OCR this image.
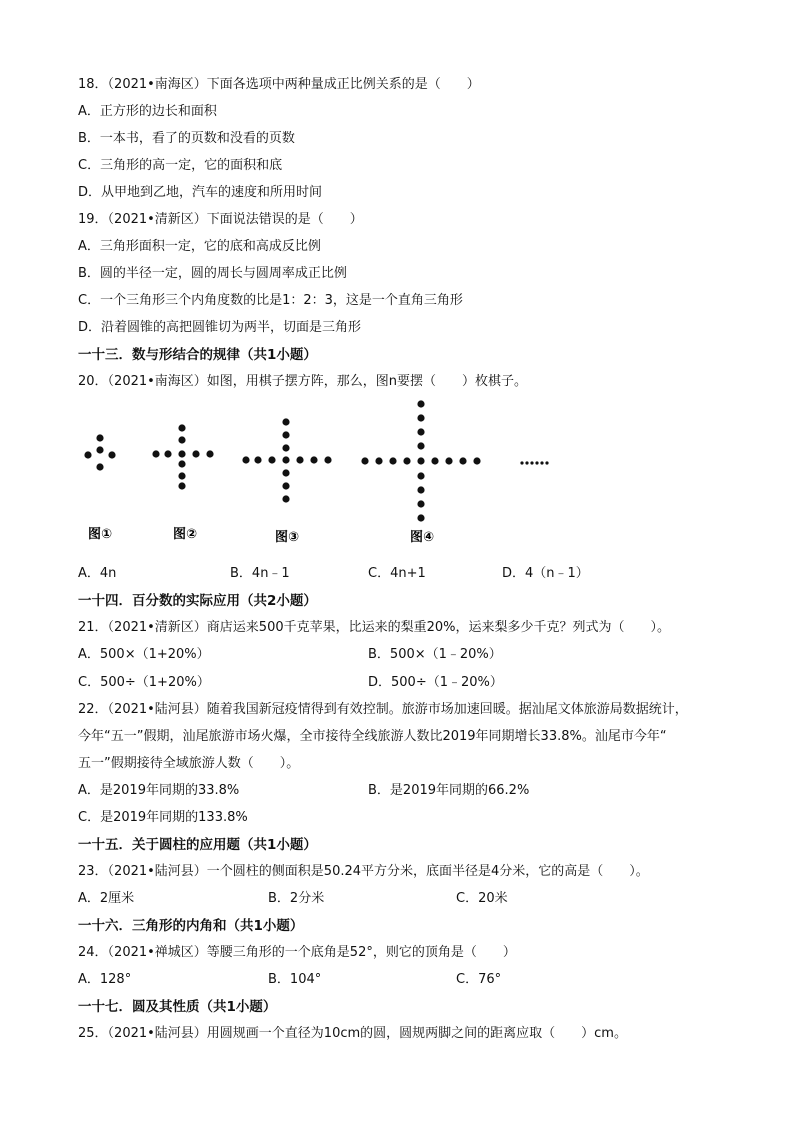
18．（2021•南海区）下面各选项中两种量成正比例关系的是（　　）
A．正方形的边长和面积
B．一本书，看了的页数和没看的页数
C．三角形的高一定，它的面积和底
D．从甲地到乙地，汽车的速度和所用时间
19．（2021•清新区）下面说法错误的是（　　）
A．三角形面积一定，它的底和高成反比例
B．圆的半径一定，圆的周长与圆周率成正比例
C．一个三角形三个内角度数的比是1：2：3，这是一个直角三角形
D．沿着圆锥的高把圆锥切为两半，切面是三角形
一十三．数与形结合的规律（共1小题）
20．（2021•南海区）如图，用棋子摆方阵，那么，图n要摆（　　）枚棋子。
图①	图②	图③	图④
A．4n	B．4n﹣1	C．4n+1	D．4（n﹣1）
一十四．百分数的实际应用（共2小题）
21．（2021•清新区）商店运来500千克苹果，比运来的梨重20%，运来梨多少千克？列式为（　　）。
A．500×（1+20%）	B．500×（1﹣20%）
C．500÷（1+20%）	D．500÷（1﹣20%）
22．（2021•陆河县）随着我国新冠疫情得到有效控制。旅游市场加速回暖。据汕尾文体旅游局数据统计，
今年“五一”假期，汕尾旅游市场火爆，全市接待全线旅游人数比2019年同期增长33.8%。汕尾市今年“
五一”假期接待全域旅游人数（　　）。
A．是2019年同期的33.8%	B．是2019年同期的66.2%
C．是2019年同期的133.8%
一十五．关于圆柱的应用题（共1小题）
23．（2021•陆河县）一个圆柱的侧面积是50.24平方分米，底面半径是4分米，它的高是（　　）。
A．2厘米	B．2分米	C．20米
一十六．三角形的内角和（共1小题）
24．（2021•禅城区）等腰三角形的一个底角是52°，则它的顶角是（　　）
A．128°	B．104°	C．76°
一十七．圆及其性质（共1小题）
25．（2021•陆河县）用圆规画一个直径为10cm的圆，圆规两脚之间的距离应取（　　）cm。
